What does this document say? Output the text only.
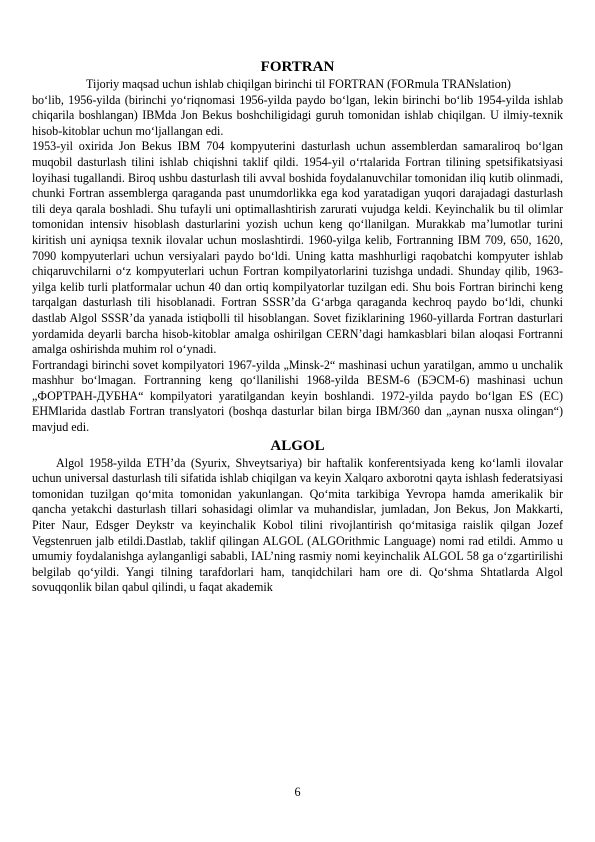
FORTRAN

Tijoriy maqsad uchun ishlab chiqilgan birinchi til FORTRAN (FORmula TRANslation)

bo‘lib, 1956-yilda (birinchi yo‘riqnomasi 1956-yilda paydo bo‘lgan, lekin birinchi bo‘lib 1954-yilda ishlab chiqarila boshlangan) IBMda Jon Bekus boshchiligidagi guruh tomonidan ishlab chiqilgan. U ilmiy-texnik hisob-kitoblar uchun mo‘ljallangan edi.

1953-yil oxirida Jon Bekus IBM 704 kompyuterini dasturlash uchun assemblerdan samaraliroq bo‘lgan muqobil dasturlash tilini ishlab chiqishni taklif qildi. 1954-yil o‘rtalarida Fortran tilining spetsifikatsiyasi loyihasi tugallandi. Biroq ushbu dasturlash tili avval boshida foydalanuvchilar tomonidan iliq kutib olinmadi, chunki Fortran assemblerga qaraganda past unumdorlikka ega kod yaratadigan yuqori darajadagi dasturlash tili deya qarala boshladi. Shu tufayli uni optimallashtirish zarurati vujudga keldi. Keyinchalik bu til olimlar tomonidan intensiv hisoblash dasturlarini yozish uchun keng qo‘llanilgan. Murakkab ma’lumotlar turini kiritish uni ayniqsa texnik ilovalar uchun moslashtirdi. 1960-yilga kelib, Fortranning IBM 709, 650, 1620, 7090 kompyuterlari uchun versiyalari paydo bo‘ldi. Uning katta mashhurligi raqobatchi kompyuter ishlab chiqaruvchilarni o‘z kompyuterlari uchun Fortran kompilyatorlarini tuzishga undadi. Shunday qilib, 1963-yilga kelib turli platformalar uchun 40 dan ortiq kompilyatorlar tuzilgan edi. Shu bois Fortran birinchi keng tarqalgan dasturlash tili hisoblanadi. Fortran SSSR’da G‘arbga qaraganda kechroq paydo bo‘ldi, chunki dastlab Algol SSSR’da yanada istiqbolli til hisoblangan. Sovet fiziklarining 1960-yillarda Fortran dasturlari yordamida deyarli barcha hisob-kitoblar amalga oshirilgan CERN’dagi hamkasblari bilan aloqasi Fortranni amalga oshirishda muhim rol o‘ynadi.

Fortrandagi birinchi sovet kompilyatori 1967-yilda „Minsk-2“ mashinasi uchun yaratilgan, ammo u unchalik mashhur bo‘lmagan. Fortranning keng qo‘llanilishi 1968-yilda BESM-6 (БЭСМ-6) mashinasi uchun „ФОРТРАН-ДУБНА“ kompilyatori yaratilgandan keyin boshlandi. 1972-yilda paydo bo‘lgan ES (ЕС) EHMlarida dastlab Fortran translyatori (boshqa dasturlar bilan birga IBM/360 dan „aynan nusxa olingan“) mavjud edi.

ALGOL

Algol 1958-yilda ETH’da (Syurix, Shveytsariya) bir haftalik konferentsiyada keng ko‘lamli ilovalar uchun universal dasturlash tili sifatida ishlab chiqilgan va keyin Xalqaro axborotni qayta ishlash federatsiyasi tomonidan tuzilgan qo‘mita tomonidan yakunlangan. Qo‘mita tarkibiga Yevropa hamda amerikalik bir qancha yetakchi dasturlash tillari sohasidagi olimlar va muhandislar, jumladan, Jon Bekus, Jon Makkarti, Piter Naur, Edsger Deykstr va keyinchalik Kobol tilini rivojlantirish qo‘mitasiga raislik qilgan Jozef Vegstenruen jalb etildi.Dastlab, taklif qilingan ALGOL (ALGOrithmic Language) nomi rad etildi. Ammo u umumiy foydalanishga aylanganligi sababli, IAL’ning rasmiy nomi keyinchalik ALGOL 58 ga o‘zgartirilishi belgilab qo‘yildi. Yangi tilning tarafdorlari ham, tanqidchilari ham ore di. Qo‘shma Shtatlarda Algol sovuqqonlik bilan qabul qilindi, u faqat akademik

6
